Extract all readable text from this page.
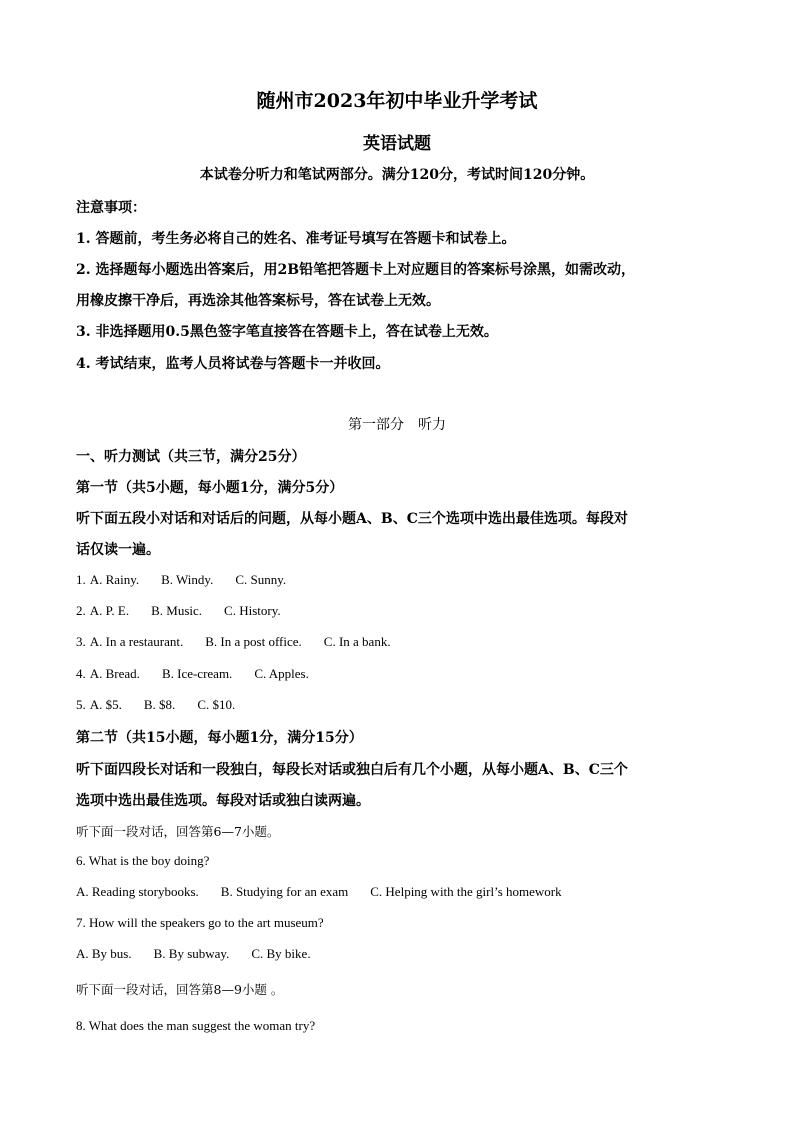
随州市2023年初中毕业升学考试
英语试题
本试卷分听力和笔试两部分。满分120分，考试时间120分钟。
注意事项：
1. 答题前，考生务必将自己的姓名、准考证号填写在答题卡和试卷上。
2. 选择题每小题选出答案后，用2B铅笔把答题卡上对应题目的答案标号涂黑，如需改动，
用橡皮擦干净后，再选涂其他答案标号，答在试卷上无效。
3. 非选择题用0.5黑色签字笔直接答在答题卡上，答在试卷上无效。
4. 考试结束，监考人员将试卷与答题卡一并收回。
第一部分　听力
一、听力测试（共三节，满分25分）
第一节（共5小题，每小题1分，满分5分）
听下面五段小对话和对话后的问题，从每小题A、B、C三个选项中选出最佳选项。每段对
话仅读一遍。
1. A. Rainy. B. Windy. C. Sunny.
2. A. P. E. B. Music. C. History.
3. A. In a restaurant. B. In a post office. C. In a bank.
4. A. Bread. B. Ice-cream. C. Apples.
5. A. $5. B. $8. C. $10.
第二节（共15小题，每小题1分，满分15分）
听下面四段长对话和一段独白，每段长对话或独白后有几个小题，从每小题A、B、C三个
选项中选出最佳选项。每段对话或独白读两遍。
听下面一段对话，回答第6—7小题。
6. What is the boy doing?
A. Reading storybooks. B. Studying for an exam C. Helping with the girl’s homework
7. How will the speakers go to the art museum?
A. By bus. B. By subway. C. By bike.
听下面一段对话，回答第8—9小题 。
8. What does the man suggest the woman try?
